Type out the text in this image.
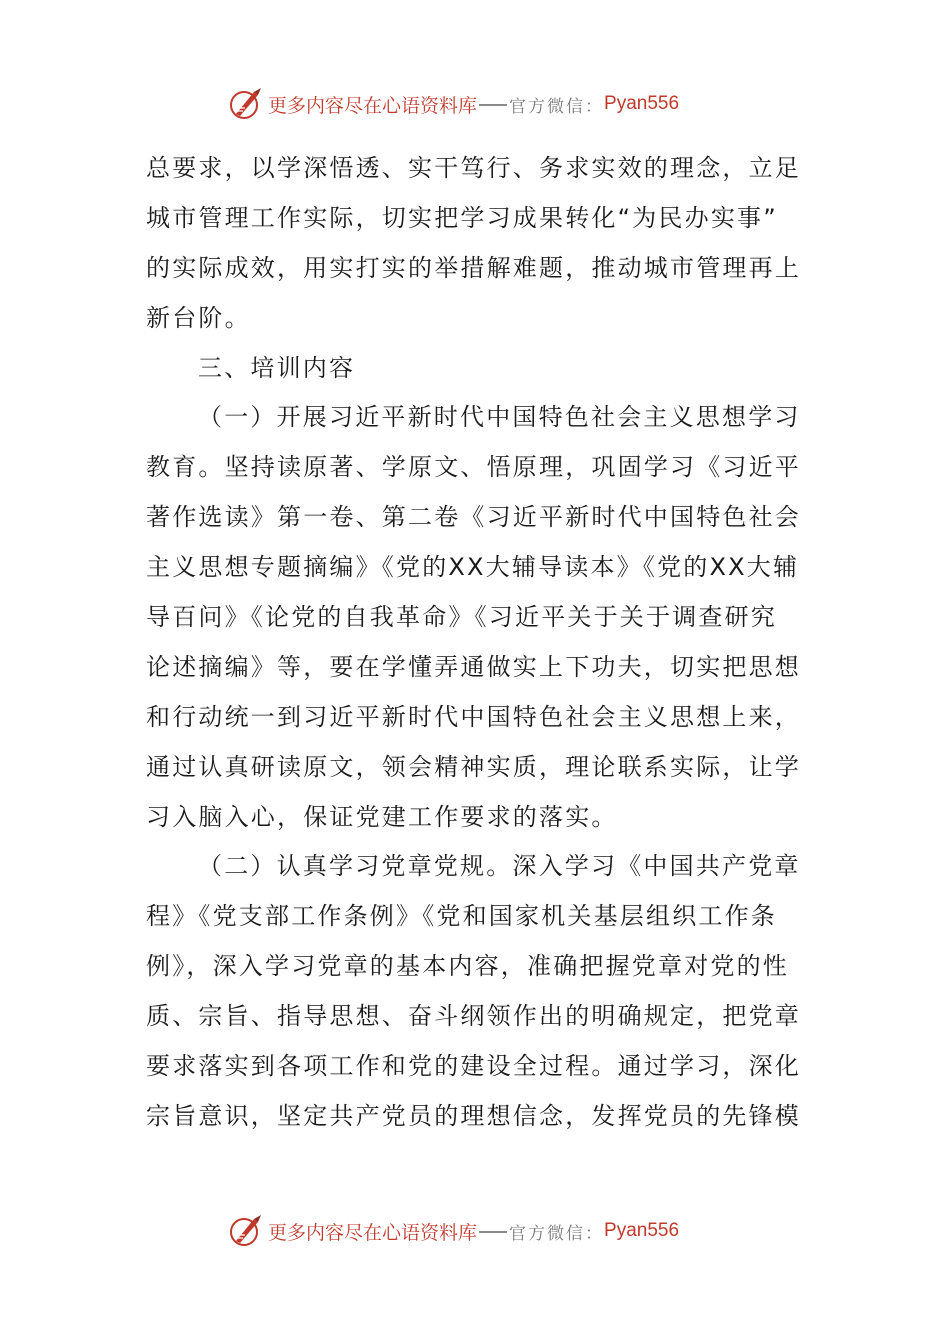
更多内容尽在心语资料库 官方微信： Pyan556

总要求，以学深悟透、实干笃行、务求实效的理念，立足

城市管理工作实际，切实把学习成果转化“为民办实事”

的实际成效，用实打实的举措解难题，推动城市管理再上

新台阶。

三、培训内容

（一）开展习近平新时代中国特色社会主义思想学习

教育。坚持读原著、学原文、悟原理，巩固学习《习近平

著作选读》第一卷、第二卷《习近平新时代中国特色社会

主义思想专题摘编》《党的XX大辅导读本》《党的XX大辅

导百问》《论党的自我革命》《习近平关于关于调查研究

论述摘编》等，要在学懂弄通做实上下功夫，切实把思想

和行动统一到习近平新时代中国特色社会主义思想上来，

通过认真研读原文，领会精神实质，理论联系实际，让学

习入脑入心，保证党建工作要求的落实。

（二）认真学习党章党规。深入学习《中国共产党章

程》《党支部工作条例》《党和国家机关基层组织工作条

例》，深入学习党章的基本内容，准确把握党章对党的性

质、宗旨、指导思想、奋斗纲领作出的明确规定，把党章

要求落实到各项工作和党的建设全过程。通过学习，深化

宗旨意识，坚定共产党员的理想信念，发挥党员的先锋模

更多内容尽在心语资料库 官方微信： Pyan556
